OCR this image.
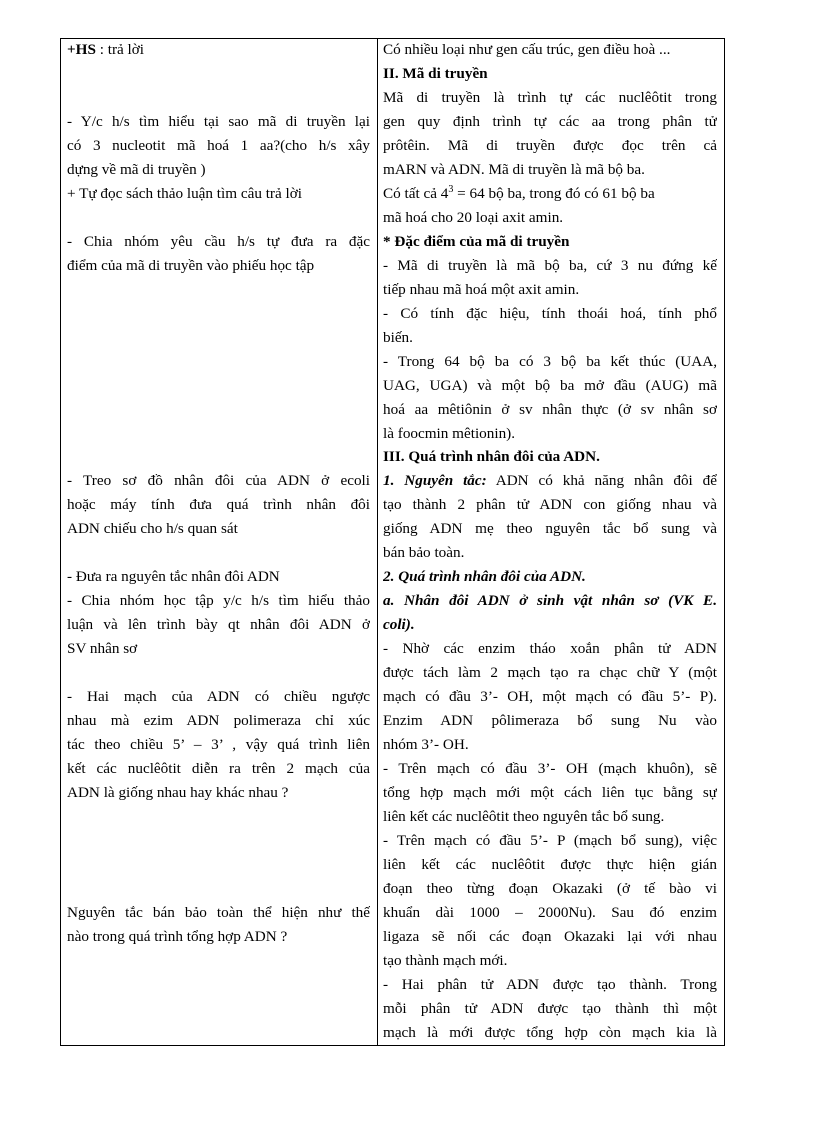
+HS : trả lời
- Y/c h/s tìm hiểu tại sao mã di truyền lại
có 3 nucleotit mã hoá 1 aa?(cho h/s xây
dựng về mã di truyền )
+ Tự đọc sách thảo luận tìm câu trả lời
- Chia nhóm yêu cầu h/s tự đưa ra đặc
điểm của mã di truyền vào phiếu học tập
- Treo sơ đồ nhân đôi của ADN ở ecoli
hoặc máy tính đưa quá trình nhân đôi
ADN chiếu cho h/s quan sát
- Đưa ra nguyên tắc nhân đôi ADN
- Chia nhóm học tập y/c h/s tìm hiểu thảo
luận và lên trình bày qt nhân đôi ADN ở
SV nhân sơ
- Hai mạch của ADN có chiều ngược
nhau mà ezim ADN polimeraza chỉ xúc
tác theo chiều 5’ – 3’ , vậy quá trình liên
kết các nuclêôtit diễn ra trên 2 mạch của
ADN là giống nhau hay khác nhau ?
Nguyên tắc bán bảo toàn thể hiện như thế
nào trong quá trình tổng hợp ADN ?

Có nhiều loại như gen cấu trúc, gen điều hoà ...
II. Mã di truyền
Mã di truyền là trình tự các nuclêôtit trong
gen quy định trình tự các aa trong phân tử
prôtêin. Mã di truyền được đọc trên cả
mARN và ADN. Mã di truyền là mã bộ ba.
Có tất cả $4^3 = 64$ bộ ba, trong đó có 61 bộ ba
mã hoá cho 20 loại axit amin.
* Đặc điểm của mã di truyền
- Mã di truyền là mã bộ ba, cứ 3 nu đứng kế
tiếp nhau mã hoá một axit amin.
- Có tính đặc hiệu, tính thoái hoá, tính phổ
biến.
- Trong 64 bộ ba có 3 bộ ba kết thúc (UAA,
UAG, UGA) và một bộ ba mở đầu (AUG) mã
hoá aa mêtiônin ở sv nhân thực (ở sv nhân sơ
là foocmin mêtionin).
III. Quá trình nhân đôi của ADN.
1. Nguyên tắc: ADN có khả năng nhân đôi để
tạo thành 2 phân tử ADN con giống nhau và
giống ADN mẹ theo nguyên tắc bổ sung và
bán bảo toàn.
2. Quá trình nhân đôi của ADN.
a. Nhân đôi ADN ở sinh vật nhân sơ (VK E.
coli).
- Nhờ các enzim tháo xoắn phân tử ADN
được tách làm 2 mạch tạo ra chạc chữ Y (một
mạch có đầu 3’- OH, một mạch có đầu 5’- P).
Enzim ADN pôlimeraza bổ sung Nu vào
nhóm 3’- OH.
- Trên mạch có đầu 3’- OH (mạch khuôn), sẽ
tổng hợp mạch mới một cách liên tục bằng sự
liên kết các nuclêôtit theo nguyên tắc bổ sung.
- Trên mạch có đầu 5’- P (mạch bổ sung), việc
liên kết các nuclêôtit được thực hiện gián
đoạn theo từng đoạn Okazaki (ở tế bào vi
khuẩn dài 1000 – 2000Nu). Sau đó enzim
ligaza sẽ nối các đoạn Okazaki lại với nhau
tạo thành mạch mới.
- Hai phân tử ADN được tạo thành. Trong
mỗi phân tử ADN được tạo thành thì một
mạch là mới được tổng hợp còn mạch kia là
